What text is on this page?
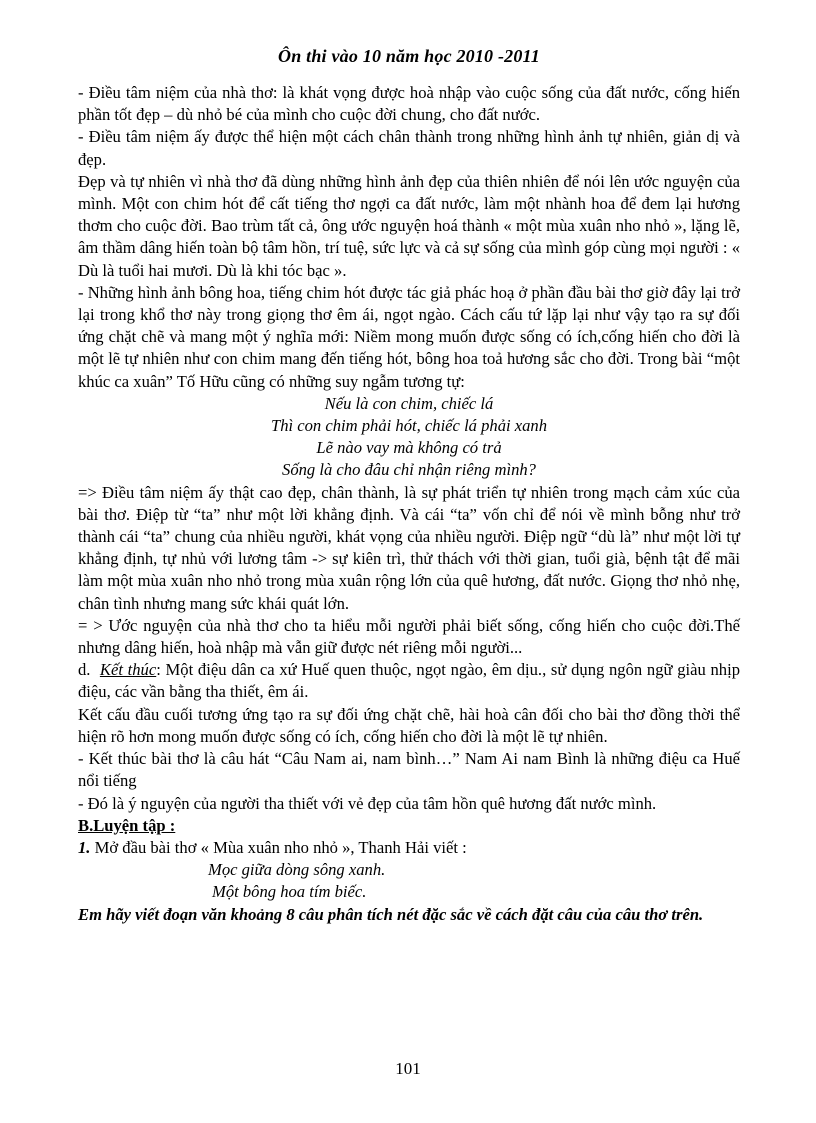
Ôn thi vào 10 năm học 2010 -2011

- Điều tâm niệm của nhà thơ: là khát vọng được hoà nhập vào cuộc sống của đất nước, cống hiến phần tốt đẹp – dù nhỏ bé của mình cho cuộc đời chung, cho đất nước.

- Điều tâm niệm ấy được thể hiện một cách chân thành trong những hình ảnh tự nhiên, giản dị và đẹp.

Đẹp và tự nhiên vì nhà thơ đã dùng những hình ảnh đẹp của thiên nhiên để nói lên ước nguyện của mình. Một con chim hót để cất tiếng thơ ngợi ca đất nước, làm một nhành hoa để đem lại hương thơm cho cuộc đời. Bao trùm tất cả, ông ước nguyện hoá thành « một mùa xuân nho nhỏ », lặng lẽ, âm thầm dâng hiến toàn bộ tâm hồn, trí tuệ, sức lực và cả sự sống của mình góp cùng mọi người : « Dù là tuổi hai mươi. Dù là khi tóc bạc ».

- Những hình ảnh bông hoa, tiếng chim hót được tác giả phác hoạ ở phần đầu bài thơ giờ đây lại trở lại trong khổ thơ này trong giọng thơ êm ái, ngọt ngào. Cách cấu tứ lặp lại như vậy tạo ra sự đối ứng chặt chẽ và mang một ý nghĩa mới: Niềm mong muốn được sống có ích,cống hiến cho đời là một lẽ tự nhiên như con chim mang đến tiếng hót, bông hoa toả hương sắc cho đời. Trong bài “một khúc ca xuân” Tố Hữu cũng có những suy ngẫm tương tự:

Nếu là con chim, chiếc lá
Thì con chim phải hót, chiếc lá phải xanh
Lẽ nào vay mà không có trả
Sống là cho đâu chỉ nhận riêng mình?

=> Điều tâm niệm ấy thật cao đẹp, chân thành, là sự phát triển tự nhiên trong mạch cảm xúc của bài thơ. Điệp từ “ta” như một lời khẳng định. Và cái “ta” vốn chỉ để nói về mình bỗng như trở thành cái “ta” chung của nhiều người, khát vọng của nhiều người. Điệp ngữ “dù là” như một lời tự khẳng định, tự nhủ với lương tâm -> sự kiên trì, thử thách với thời gian, tuổi già, bệnh tật để mãi làm một mùa xuân nho nhỏ trong mùa xuân rộng lớn của quê hương, đất nước. Giọng thơ nhỏ nhẹ, chân tình nhưng mang sức khái quát lớn.

= > Ước nguyện của nhà thơ cho ta hiểu mỗi người phải biết sống, cống hiến cho cuộc đời.Thế nhưng dâng hiến, hoà nhập mà vẫn giữ được nét riêng mỗi người...

d. Kết thúc: Một điệu dân ca xứ Huế quen thuộc, ngọt ngào, êm dịu., sử dụng ngôn ngữ giàu nhịp điệu, các vần bằng tha thiết, êm ái.

Kết cấu đầu cuối tương ứng tạo ra sự đối ứng chặt chẽ, hài hoà cân đối cho bài thơ đồng thời thể hiện rõ hơn mong muốn được sống có ích, cống hiến cho đời là một lẽ tự nhiên.

- Kết thúc bài thơ là câu hát “Câu Nam ai, nam bình…” Nam Ai nam Bình là những điệu ca Huế nổi tiếng

- Đó là ý nguyện của người tha thiết với vẻ đẹp của tâm hồn quê hương đất nước mình.

B.Luyện tập :

1. Mở đầu bài thơ « Mùa xuân nho nhỏ », Thanh Hải viết :

Mọc giữa dòng sông xanh.
Một bông hoa tím biếc.
Em hãy viết đoạn văn khoảng 8 câu phân tích nét đặc sắc về cách đặt câu của câu thơ trên.
101
